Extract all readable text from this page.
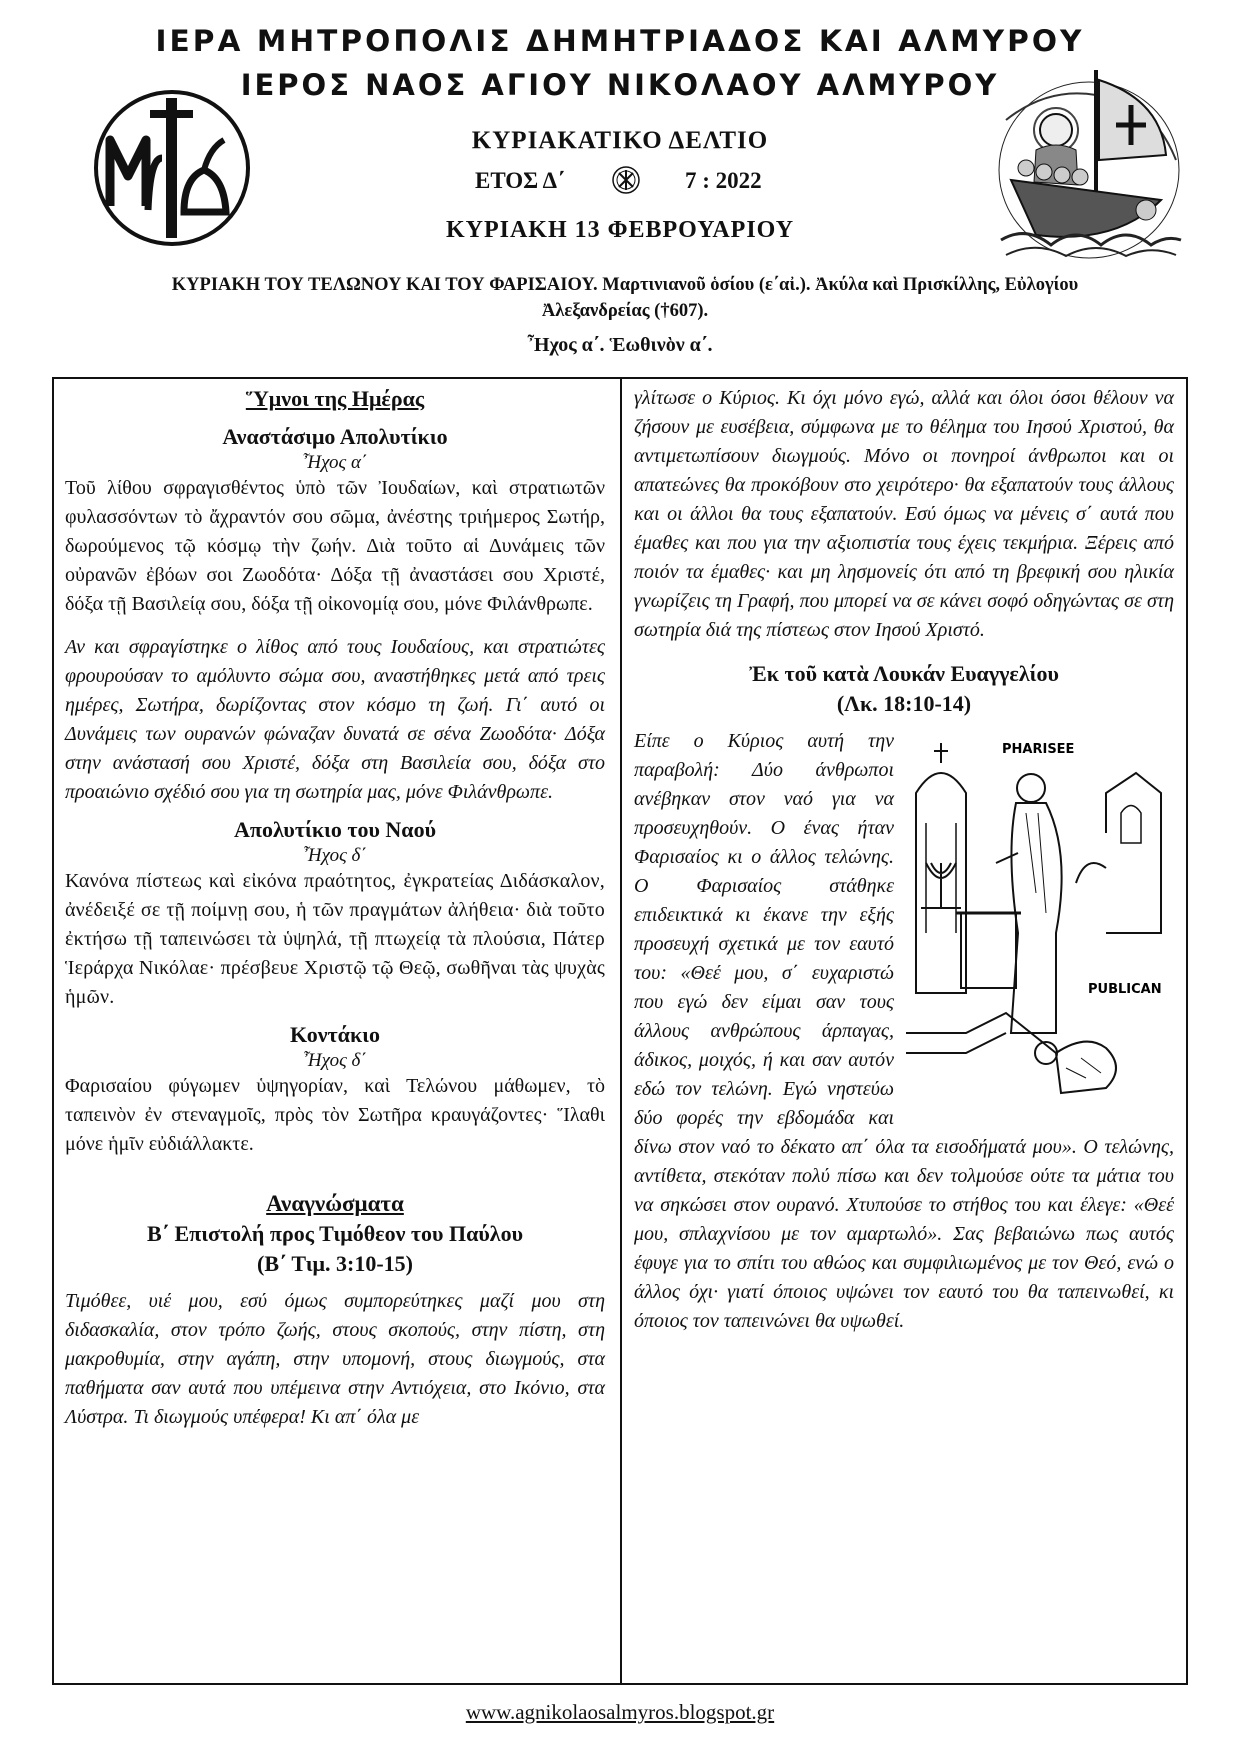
ΙΕΡΑ ΜΗΤΡΟΠΟΛΙΣ ΔΗΜΗΤΡΙΑΔΟΣ ΚΑΙ ΑΛΜΥΡΟΥ
ΙΕΡΟΣ ΝΑΟΣ ΑΓΙΟΥ ΝΙΚΟΛΑΟΥ ΑΛΜΥΡΟΥ
ΚΥΡΙΑΚΑΤΙΚΟ ΔΕΛΤΙΟ
ΕΤΟΣ Δ΄	7 : 2022
ΚΥΡΙΑΚΗ 13 ΦΕΒΡΟΥΑΡΙΟΥ
ΚΥΡΙΑΚΗ ΤΟΥ ΤΕΛΩΝΟΥ ΚΑΙ ΤΟΥ ΦΑΡΙΣΑΙΟΥ. Μαρτινιανοῦ ὁσίου (ε΄αἰ.). Ἀκύλα καὶ Πρισκίλλης, Εὐλογίου Ἀλεξανδρείας (†607).
Ἦχος α΄. Ἑωθινὸν α΄.
Ὕμνοι της Ημέρας
Αναστάσιμο Απολυτίκιο
Ἦχος α΄

Τοῦ λίθου σφραγισθέντος ὑπὸ τῶν Ἰουδαίων, καὶ στρατιωτῶν φυλασσόντων τὸ ἄχραντόν σου σῶμα, ἀνέστης τριήμερος Σωτήρ, δωρούμενος τῷ κόσμῳ τὴν ζωήν. Διὰ τοῦτο αἱ Δυνάμεις τῶν οὐρανῶν ἐβόων σοι Ζωοδότα· Δόξα τῇ ἀναστάσει σου Χριστέ, δόξα τῇ Βασιλείᾳ σου, δόξα τῇ οἰκονομίᾳ σου, μόνε Φιλάνθρωπε.

Αν και σφραγίστηκε ο λίθος από τους Ιουδαίους, και στρατιώτες φρουρούσαν το αμόλυντο σώμα σου, αναστήθηκες μετά από τρεις ημέρες, Σωτήρα, δωρίζοντας στον κόσμο τη ζωή. Γι΄ αυτό οι Δυνάμεις των ουρανών φώναζαν δυνατά σε σένα Ζωοδότα· Δόξα στην ανάστασή σου Χριστέ, δόξα στη Βασιλεία σου, δόξα στο προαιώνιο σχέδιό σου για τη σωτηρία μας, μόνε Φιλάνθρωπε.

Απολυτίκιο του Ναού
Ἦχος δ΄

Κανόνα πίστεως καὶ εἰκόνα πραότητος, ἐγκρατείας Διδάσκαλον, ἀνέδειξέ σε τῇ ποίμνῃ σου, ἡ τῶν πραγμάτων ἀλήθεια· διὰ τοῦτο ἐκτήσω τῇ ταπεινώσει τὰ ὑψηλά, τῇ πτωχείᾳ τὰ πλούσια, Πάτερ Ἱεράρχα Νικόλαε· πρέσβευε Χριστῷ τῷ Θεῷ, σωθῆναι τὰς ψυχὰς ἡμῶν.

Κοντάκιο
Ἦχος δ΄

Φαρισαίου φύγωμεν ὑψηγορίαν, καὶ Τελώνου μάθωμεν, τὸ ταπεινὸν ἐν στεναγμοῖς, πρὸς τὸν Σωτῆρα κραυγάζοντες· Ἵλαθι μόνε ἡμῖν εὐδιάλλακτε.

Αναγνώσματα
Β΄ Επιστολή προς Τιμόθεον του Παύλου
(Β΄ Τιμ. 3:10-15)

Τιμόθεε, υιέ μου, εσύ όμως συμπορεύτηκες μαζί μου στη διδασκαλία, στον τρόπο ζωής, στους σκοπούς, στην πίστη, στη μακροθυμία, στην αγάπη, στην υπομονή, στους διωγμούς, στα παθήματα σαν αυτά που υπέμεινα στην Αντιόχεια, στο Ικόνιο, στα Λύστρα. Τι διωγμούς υπέφερα! Κι απ΄ όλα με

γλίτωσε ο Κύριος. Κι όχι μόνο εγώ, αλλά και όλοι όσοι θέλουν να ζήσουν με ευσέβεια, σύμφωνα με το θέλημα του Ιησού Χριστού, θα αντιμετωπίσουν διωγμούς. Μόνο οι πονηροί άνθρωποι και οι απατεώνες θα προκόβουν στο χειρότερο· θα εξαπατούν τους άλλους και οι άλλοι θα τους εξαπατούν. Εσύ όμως να μένεις σ΄ αυτά που έμαθες και που για την αξιοπιστία τους έχεις τεκμήρια. Ξέρεις από ποιόν τα έμαθες· και μη λησμονείς ότι από τη βρεφική σου ηλικία γνωρίζεις τη Γραφή, που μπορεί να σε κάνει σοφό οδηγώντας σε στη σωτηρία διά της πίστεως στον Ιησού Χριστό.

Ἐκ τοῦ κατὰ Λουκάν Ευαγγελίου
(Λκ. 18:10-14)
PHARISEE
PUBLICAN

Είπε ο Κύριος αυτή την παραβολή: Δύο άνθρωποι ανέβηκαν στον ναό για να προσευχηθούν. Ο ένας ήταν Φαρισαίος κι ο άλλος τελώνης. Ο Φαρισαίος στάθηκε επιδεικτικά κι έκανε την εξής προσευχή σχετικά με τον εαυτό του: «Θεέ μου, σ΄ ευχαριστώ που εγώ δεν είμαι σαν τους άλλους ανθρώπους άρπαγας, άδικος, μοιχός, ή και σαν αυτόν εδώ τον τελώνη. Εγώ νηστεύω δύο φορές την εβδομάδα και δίνω στον ναό το δέκατο απ΄ όλα τα εισοδήματά μου». Ο τελώνης, αντίθετα, στεκόταν πολύ πίσω και δεν τολμούσε ούτε τα μάτια του να σηκώσει στον ουρανό. Χτυπούσε το στήθος του και έλεγε: «Θεέ μου, σπλαχνίσου με τον αμαρτωλό». Σας βεβαιώνω πως αυτός έφυγε για το σπίτι του αθώος και συμφιλιωμένος με τον Θεό, ενώ ο άλλος όχι· γιατί όποιος υψώνει τον εαυτό του θα ταπεινωθεί, κι όποιος τον ταπεινώνει θα υψωθεί.

www.agnikolaosalmyros.blogspot.gr
